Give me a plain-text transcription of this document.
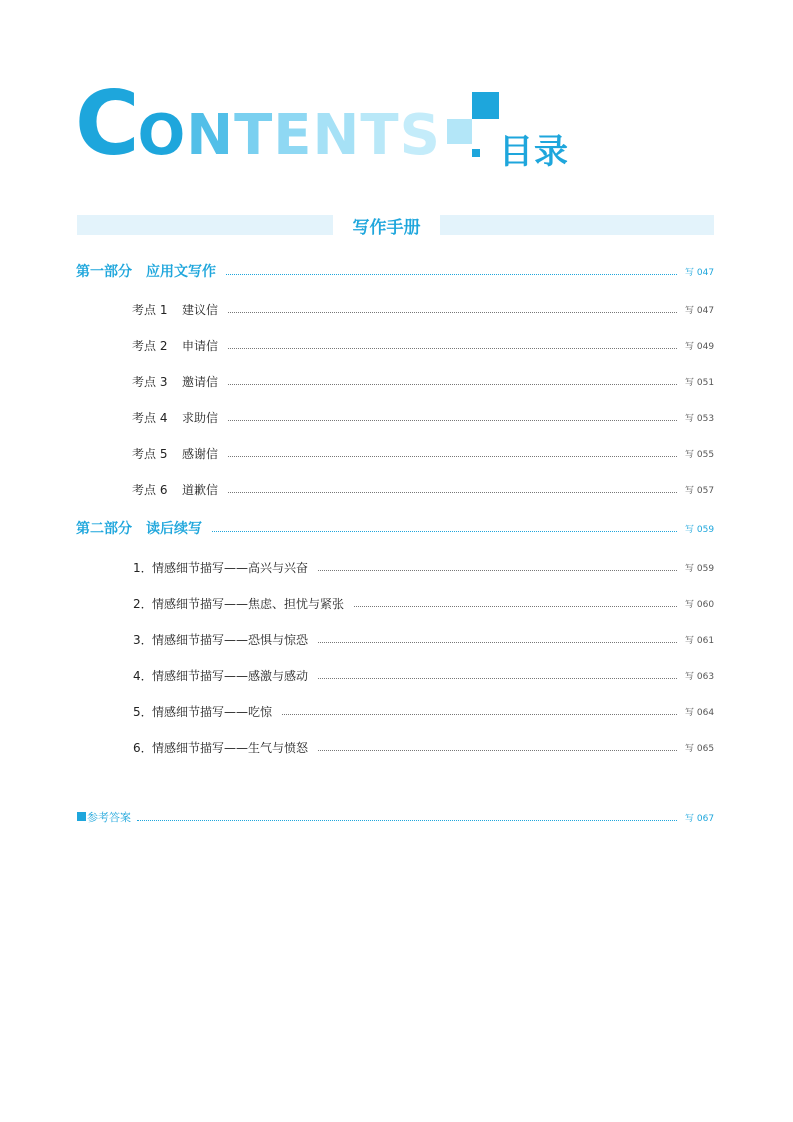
CONTENTS 目录
写作手册
第一部分　应用文写作	写 047
考点 1 建议信	写 047
考点 2 申请信	写 049
考点 3 邀请信	写 051
考点 4 求助信	写 053
考点 5 感谢信	写 055
考点 6 道歉信	写 057
第二部分　读后续写	写 059
1．情感细节描写——高兴与兴奋	写 059
2．情感细节描写——焦虑、担忧与紧张	写 060
3．情感细节描写——恐惧与惊恐	写 061
4．情感细节描写——感激与感动	写 063
5．情感细节描写——吃惊	写 064
6．情感细节描写——生气与愤怒	写 065
参考答案	写 067
